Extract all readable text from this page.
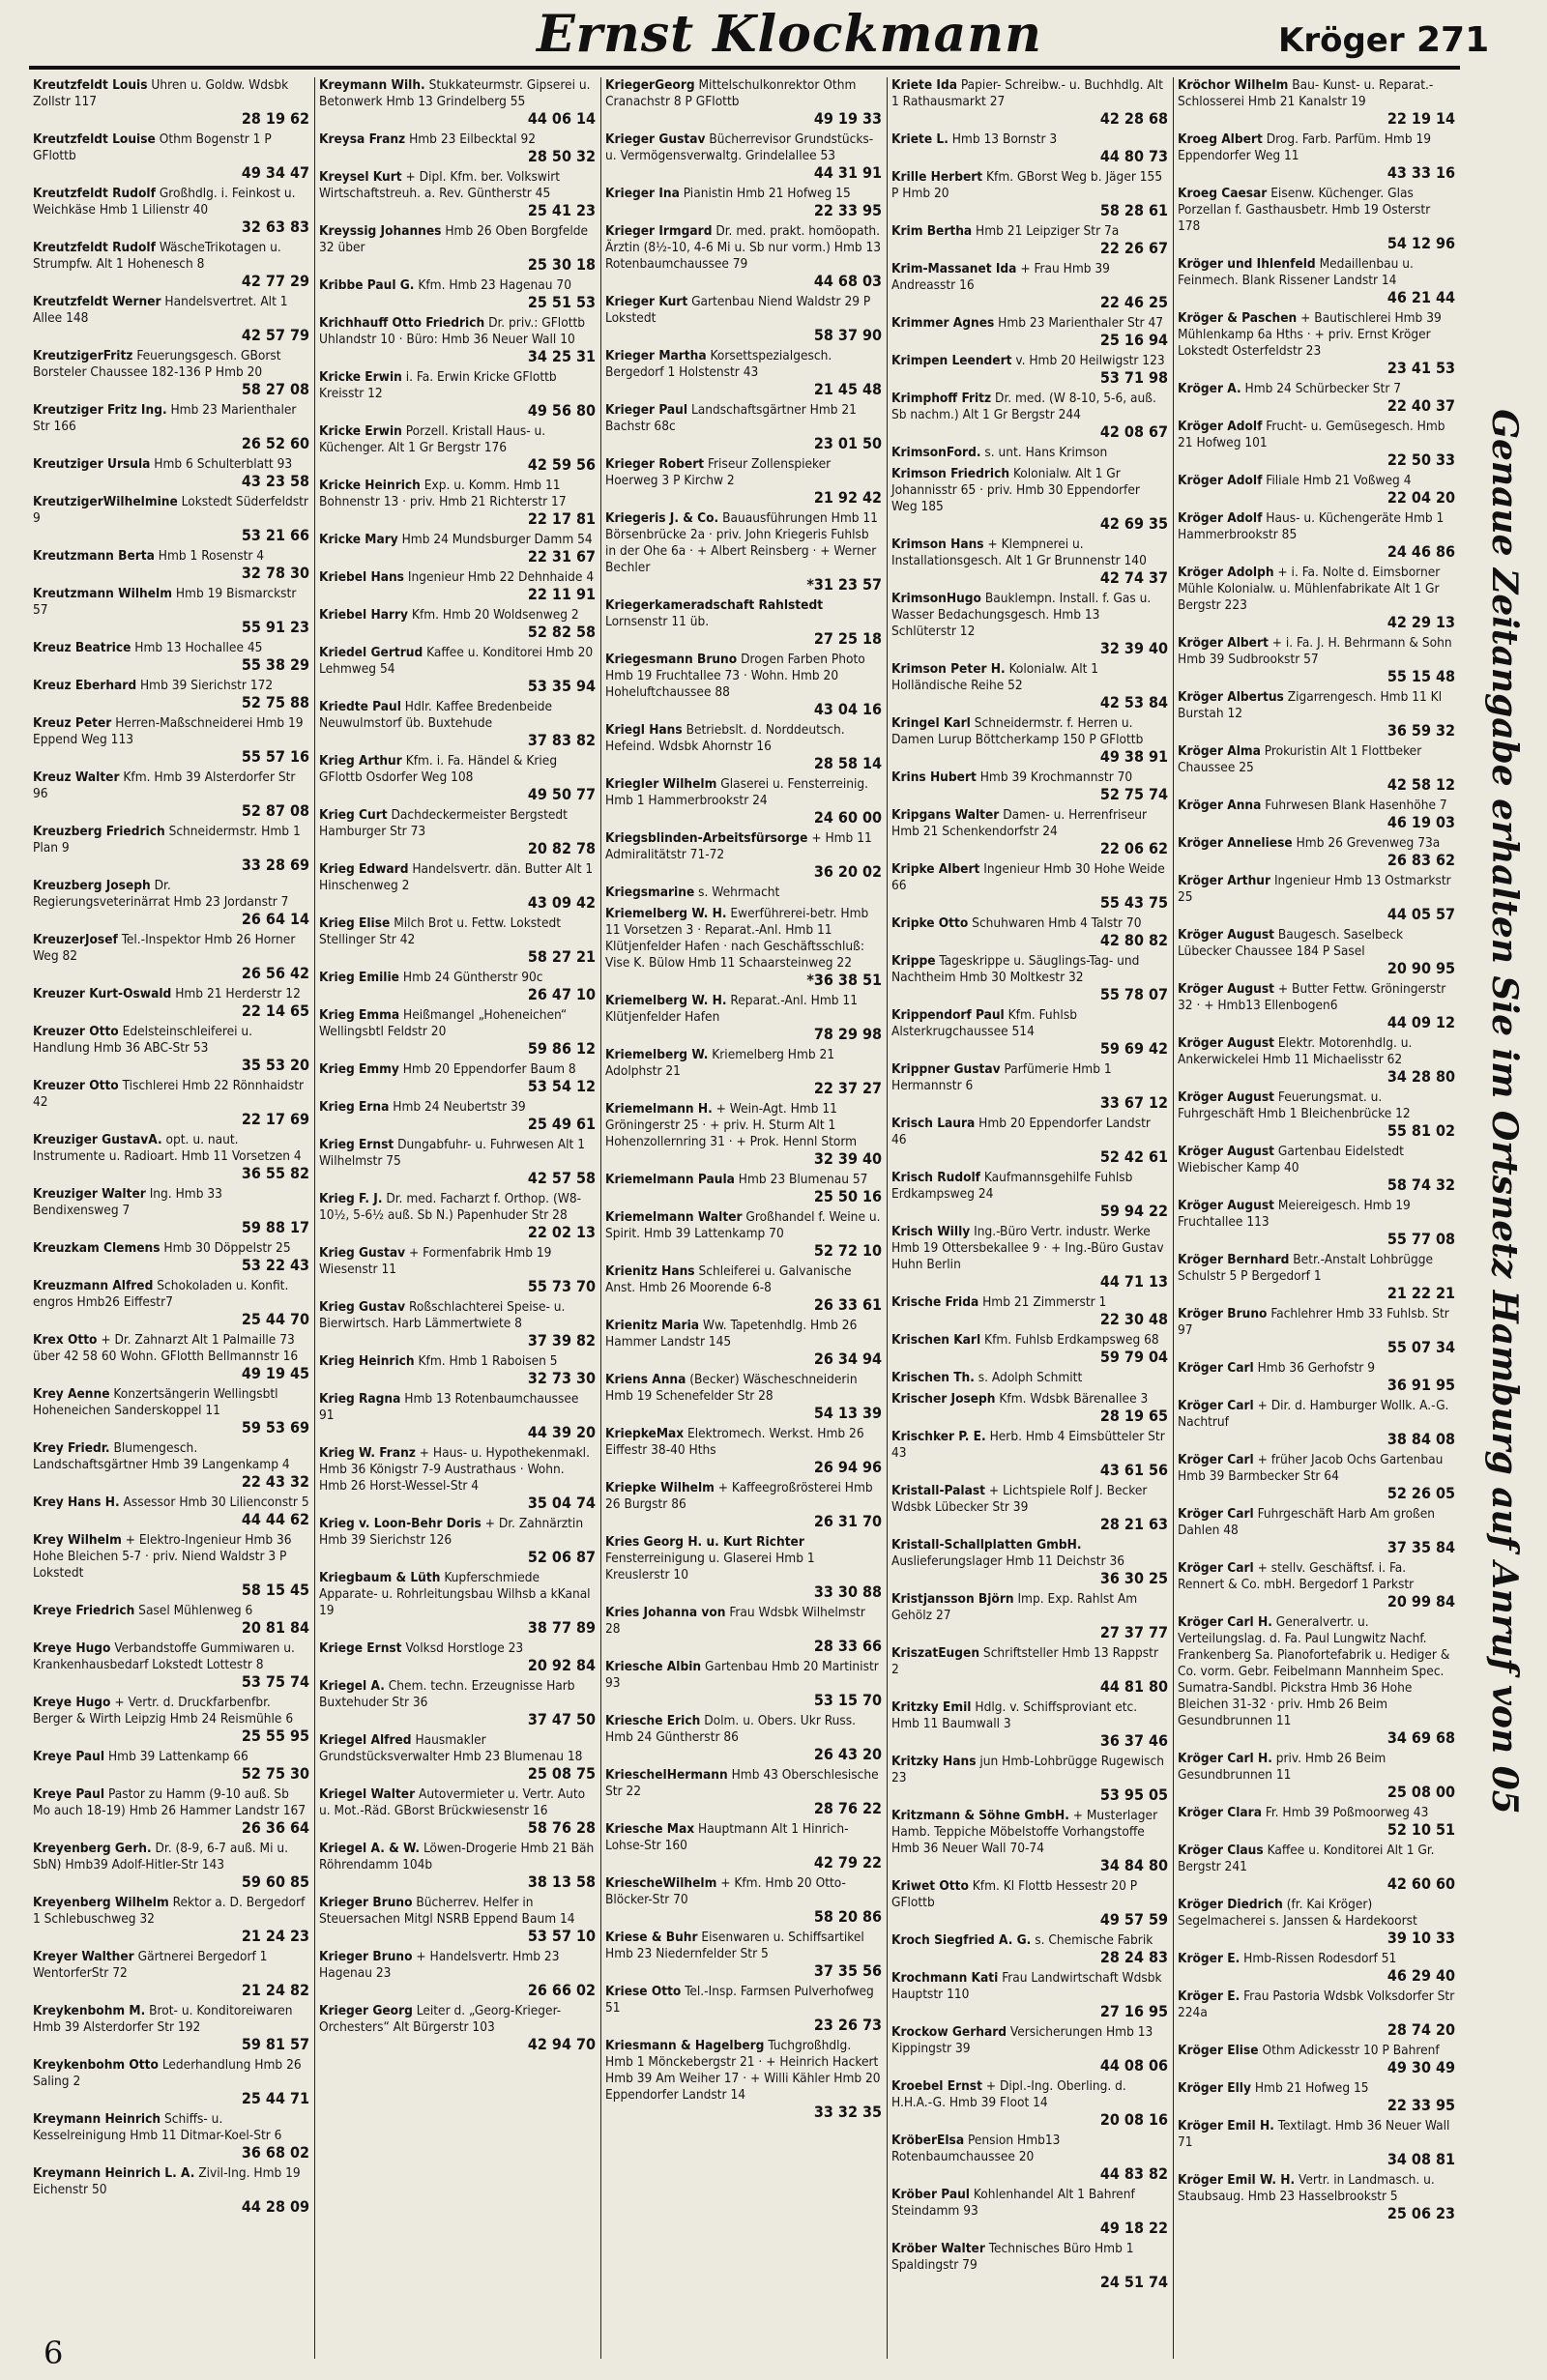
Ernst Klockmann	Kröger 271
Kreutzfeldt Louis Uhren u. Goldw. Wdsbk Zollstr 117
28 19 62
Kreutzfeldt Louise Othm Bogenstr 1 P GFlottb
49 34 47
Kreutzfeldt Rudolf Großhdlg. i. Feinkost u. Weichkäse Hmb 1 Lilienstr 40
32 63 83
Kreutzfeldt Rudolf WäscheTrikotagen u. Strumpfw. Alt 1 Hohenesch 8
42 77 29
Kreutzfeldt Werner Handelsvertret. Alt 1 Allee 148
42 57 79
KreutzigerFritz Feuerungsgesch. GBorst Borsteler Chaussee 182-136 P Hmb 20
58 27 08
Kreutziger Fritz Ing. Hmb 23 Marienthaler Str 166
26 52 60
Kreutziger Ursula Hmb 6 Schulterblatt 93
43 23 58
KreutzigerWilhelmine Lokstedt Süderfeldstr 9
53 21 66
Kreutzmann Berta Hmb 1 Rosenstr 4
32 78 30
Kreutzmann Wilhelm Hmb 19 Bismarckstr 57
55 91 23
Kreuz Beatrice Hmb 13 Hochallee 45
55 38 29
Kreuz Eberhard Hmb 39 Sierichstr 172
52 75 88
Kreuz Peter Herren-Maßschneiderei Hmb 19 Eppend Weg 113
55 57 16
Kreuz Walter Kfm. Hmb 39 Alsterdorfer Str 96
52 87 08
Kreuzberg Friedrich Schneidermstr. Hmb 1 Plan 9
33 28 69
Kreuzberg Joseph Dr. Regierungsveterinärrat Hmb 23 Jordanstr 7
26 64 14
KreuzerJosef Tel.-Inspektor Hmb 26 Horner Weg 82
26 56 42
Kreuzer Kurt-Oswald Hmb 21 Herderstr 12
22 14 65
Kreuzer Otto Edelsteinschleiferei u. Handlung Hmb 36 ABC-Str 53
35 53 20
Kreuzer Otto Tischlerei Hmb 22 Rönnhaidstr 42
22 17 69
Kreuziger GustavA. opt. u. naut. Instrumente u. Radioart. Hmb 11 Vorsetzen 4
36 55 82
Kreuziger Walter Ing. Hmb 33 Bendixensweg 7
59 88 17
Kreuzkam Clemens Hmb 30 Döppelstr 25
53 22 43
Kreuzmann Alfred Schokoladen u. Konfit. engros Hmb26 Eiffestr7
25 44 70
Krex Otto + Dr. Zahnarzt Alt 1 Palmaille 73 über 42 58 60 Wohn. GFlotth Bellmannstr 16
49 19 45
Krey Aenne Konzertsängerin Wellingsbtl Hoheneichen Sanderskoppel 11
59 53 69
Krey Friedr. Blumengesch. Landschaftsgärtner Hmb 39 Langenkamp 4
22 43 32
Krey Hans H. Assessor Hmb 30 Lilienconstr 5
44 44 62
Krey Wilhelm + Elektro-Ingenieur Hmb 36 Hohe Bleichen 5-7 · priv. Niend Waldstr 3 P Lokstedt
58 15 45
Kreye Friedrich Sasel Mühlenweg 6
20 81 84
Kreye Hugo Verbandstoffe Gummiwaren u. Krankenhausbedarf Lokstedt Lottestr 8
53 75 74
Kreye Hugo + Vertr. d. Druckfarbenfbr. Berger & Wirth Leipzig Hmb 24 Reismühle 6
25 55 95
Kreye Paul Hmb 39 Lattenkamp 66
52 75 30
Kreye Paul Pastor zu Hamm (9-10 auß. Sb Mo auch 18-19) Hmb 26 Hammer Landstr 167
26 36 64
Kreyenberg Gerh. Dr. (8-9, 6-7 auß. Mi u. SbN) Hmb39 Adolf-Hitler-Str 143
59 60 85
Kreyenberg Wilhelm Rektor a. D. Bergedorf 1 Schlebuschweg 32
21 24 23
Kreyer Walther Gärtnerei Bergedorf 1 WentorferStr 72
21 24 82
Kreykenbohm M. Brot- u. Konditoreiwaren Hmb 39 Alsterdorfer Str 192
59 81 57
Kreykenbohm Otto Lederhandlung Hmb 26 Saling 2
25 44 71
Kreymann Heinrich Schiffs- u. Kesselreinigung Hmb 11 Ditmar-Koel-Str 6
36 68 02
Kreymann Heinrich L. A. Zivil-Ing. Hmb 19 Eichenstr 50
44 28 09
Kreymann Wilh. Stukkateurmstr. Gipserei u. Betonwerk Hmb 13 Grindelberg 55
44 06 14
Kreysa Franz Hmb 23 Eilbecktal 92
28 50 32
Kreysel Kurt + Dipl. Kfm. ber. Volkswirt Wirtschaftstreuh. a. Rev. Güntherstr 45
25 41 23
Kreyssig Johannes Hmb 26 Oben Borgfelde 32 über
25 30 18
Kribbe Paul G. Kfm. Hmb 23 Hagenau 70
25 51 53
Krichhauff Otto Friedrich Dr. priv.: GFlottb Uhlandstr 10 · Büro: Hmb 36 Neuer Wall 10
34 25 31
Kricke Erwin i. Fa. Erwin Kricke GFlottb Kreisstr 12
49 56 80
Kricke Erwin Porzell. Kristall Haus- u. Küchenger. Alt 1 Gr Bergstr 176
42 59 56
Kricke Heinrich Exp. u. Komm. Hmb 11 Bohnenstr 13 · priv. Hmb 21 Richterstr 17
22 17 81
Kricke Mary Hmb 24 Mundsburger Damm 54
22 31 67
Kriebel Hans Ingenieur Hmb 22 Dehnhaide 4
22 11 91
Kriebel Harry Kfm. Hmb 20 Woldsenweg 2
52 82 58
Kriedel Gertrud Kaffee u. Konditorei Hmb 20 Lehmweg 54
53 35 94
Kriedte Paul Hdlr. Kaffee Bredenbeide Neuwulmstorf üb. Buxtehude
37 83 82
Krieg Arthur Kfm. i. Fa. Händel & Krieg GFlottb Osdorfer Weg 108
49 50 77
Krieg Curt Dachdeckermeister Bergstedt Hamburger Str 73
20 82 78
Krieg Edward Handelsvertr. dän. Butter Alt 1 Hinschenweg 2
43 09 42
Krieg Elise Milch Brot u. Fettw. Lokstedt Stellinger Str 42
58 27 21
Krieg Emilie Hmb 24 Güntherstr 90c
26 47 10
Krieg Emma Heißmangel „Hoheneichen“ Wellingsbtl Feldstr 20
59 86 12
Krieg Emmy Hmb 20 Eppendorfer Baum 8
53 54 12
Krieg Erna Hmb 24 Neubertstr 39
25 49 61
Krieg Ernst Dungabfuhr- u. Fuhrwesen Alt 1 Wilhelmstr 75
42 57 58
Krieg F. J. Dr. med. Facharzt f. Orthop. (W8-10½, 5-6½ auß. Sb N.) Papenhuder Str 28
22 02 13
Krieg Gustav + Formenfabrik Hmb 19 Wiesenstr 11
55 73 70
Krieg Gustav Roßschlachterei Speise- u. Bierwirtsch. Harb Lämmertwiete 8
37 39 82
Krieg Heinrich Kfm. Hmb 1 Raboisen 5
32 73 30
Krieg Ragna Hmb 13 Rotenbaumchaussee 91
44 39 20
Krieg W. Franz + Haus- u. Hypothekenmakl. Hmb 36 Königstr 7-9 Austrathaus · Wohn. Hmb 26 Horst-Wessel-Str 4
35 04 74
Krieg v. Loon-Behr Doris + Dr. Zahnärztin Hmb 39 Sierichstr 126
52 06 87
Kriegbaum & Lüth Kupferschmiede Apparate- u. Rohrleitungsbau Wilhsb a kKanal 19
38 77 89
Kriege Ernst Volksd Horstloge 23
20 92 84
Kriegel A. Chem. techn. Erzeugnisse Harb Buxtehuder Str 36
37 47 50
Kriegel Alfred Hausmakler Grundstücksverwalter Hmb 23 Blumenau 18
25 08 75
Kriegel Walter Autovermieter u. Vertr. Auto u. Mot.-Räd. GBorst Brückwiesenstr 16
58 76 28
Kriegel A. & W. Löwen-Drogerie Hmb 21 Bäh Röhrendamm 104b
38 13 58
Krieger Bruno Bücherrev. Helfer in Steuersachen Mitgl NSRB Eppend Baum 14
53 57 10
Krieger Bruno + Handelsvertr. Hmb 23 Hagenau 23
26 66 02
Krieger Georg Leiter d. „Georg-Krieger-Orchesters“ Alt Bürgerstr 103
42 94 70
KriegerGeorg Mittelschulkonrektor Othm Cranachstr 8 P GFlottb
49 19 33
Krieger Gustav Bücherrevisor Grundstücks- u. Vermögensverwaltg. Grindelallee 53
44 31 91
Krieger Ina Pianistin Hmb 21 Hofweg 15
22 33 95
Krieger Irmgard Dr. med. prakt. homöopath. Ärztin (8½-10, 4-6 Mi u. Sb nur vorm.) Hmb 13 Rotenbaumchaussee 79
44 68 03
Krieger Kurt Gartenbau Niend Waldstr 29 P Lokstedt
58 37 90
Krieger Martha Korsettspezialgesch. Bergedorf 1 Holstenstr 43
21 45 48
Krieger Paul Landschaftsgärtner Hmb 21 Bachstr 68c
23 01 50
Krieger Robert Friseur Zollenspieker Hoerweg 3 P Kirchw 2
21 92 42
Kriegeris J. & Co. Bauausführungen Hmb 11 Börsenbrücke 2a · priv. John Kriegeris Fuhlsb in der Ohe 6a · + Albert Reinsberg · + Werner Bechler
*31 23 57
Kriegerkameradschaft Rahlstedt Lornsenstr 11 üb.
27 25 18
Kriegesmann Bruno Drogen Farben Photo Hmb 19 Fruchtallee 73 · Wohn. Hmb 20 Hoheluftchaussee 88
43 04 16
Kriegl Hans Betriebslt. d. Norddeutsch. Hefeind. Wdsbk Ahornstr 16
28 58 14
Kriegler Wilhelm Glaserei u. Fensterreinig. Hmb 1 Hammerbrookstr 24
24 60 00
Kriegsblinden-Arbeitsfürsorge + Hmb 11 Admiralitätstr 71-72
36 20 02
Kriegsmarine s. Wehrmacht
Kriemelberg W. H. Ewerführerei-betr. Hmb 11 Vorsetzen 3 · Reparat.-Anl. Hmb 11 Klütjenfelder Hafen · nach Geschäftsschluß: Vise K. Bülow Hmb 11 Schaarsteinweg 22
*36 38 51
Kriemelberg W. H. Reparat.-Anl. Hmb 11 Klütjenfelder Hafen
78 29 98
Kriemelberg W. Kriemelberg Hmb 21 Adolphstr 21
22 37 27
Kriemelmann H. + Wein-Agt. Hmb 11 Gröningerstr 25 · + priv. H. Sturm Alt 1 Hohenzollernring 31 · + Prok. Hennl Storm
32 39 40
Kriemelmann Paula Hmb 23 Blumenau 57
25 50 16
Kriemelmann Walter Großhandel f. Weine u. Spirit. Hmb 39 Lattenkamp 70
52 72 10
Krienitz Hans Schleiferei u. Galvanische Anst. Hmb 26 Moorende 6-8
26 33 61
Krienitz Maria Ww. Tapetenhdlg. Hmb 26 Hammer Landstr 145
26 34 94
Kriens Anna (Becker) Wäscheschneiderin Hmb 19 Schenefelder Str 28
54 13 39
KriepkeMax Elektromech. Werkst. Hmb 26 Eiffestr 38-40 Hths
26 94 96
Kriepke Wilhelm + Kaffeegroßrösterei Hmb 26 Burgstr 86
26 31 70
Kries Georg H. u. Kurt Richter Fensterreinigung u. Glaserei Hmb 1 Kreuslerstr 10
33 30 88
Kries Johanna von Frau Wdsbk Wilhelmstr 28
28 33 66
Kriesche Albin Gartenbau Hmb 20 Martinistr 93
53 15 70
Kriesche Erich Dolm. u. Obers. Ukr Russ. Hmb 24 Güntherstr 86
26 43 20
KrieschelHermann Hmb 43 Oberschlesische Str 22
28 76 22
Kriesche Max Hauptmann Alt 1 Hinrich-Lohse-Str 160
42 79 22
KriescheWilhelm + Kfm. Hmb 20 Otto-Blöcker-Str 70
58 20 86
Kriese & Buhr Eisenwaren u. Schiffsartikel Hmb 23 Niedernfelder Str 5
37 35 56
Kriese Otto Tel.-Insp. Farmsen Pulverhofweg 51
23 26 73
Kriesmann & Hagelberg Tuchgroßhdlg. Hmb 1 Mönckebergstr 21 · + Heinrich Hackert Hmb 39 Am Weiher 17 · + Willi Kähler Hmb 20 Eppendorfer Landstr 14
33 32 35
Kriete Ida Papier- Schreibw.- u. Buchhdlg. Alt 1 Rathausmarkt 27
42 28 68
Kriete L. Hmb 13 Bornstr 3
44 80 73
Krille Herbert Kfm. GBorst Weg b. Jäger 155 P Hmb 20
58 28 61
Krim Bertha Hmb 21 Leipziger Str 7a
22 26 67
Krim-Massanet Ida + Frau Hmb 39 Andreasstr 16
22 46 25
Krimmer Agnes Hmb 23 Marienthaler Str 47
25 16 94
Krimpen Leendert v. Hmb 20 Heilwigstr 123
53 71 98
Krimphoff Fritz Dr. med. (W 8-10, 5-6, auß. Sb nachm.) Alt 1 Gr Bergstr 244
42 08 67
KrimsonFord. s. unt. Hans Krimson
Krimson Friedrich Kolonialw. Alt 1 Gr Johannisstr 65 · priv. Hmb 30 Eppendorfer Weg 185
42 69 35
Krimson Hans + Klempnerei u. Installationsgesch. Alt 1 Gr Brunnenstr 140
42 74 37
KrimsonHugo Bauklempn. Install. f. Gas u. Wasser Bedachungsgesch. Hmb 13 Schlüterstr 12
32 39 40
Krimson Peter H. Kolonialw. Alt 1 Holländische Reihe 52
42 53 84
Kringel Karl Schneidermstr. f. Herren u. Damen Lurup Böttcherkamp 150 P GFlottb
49 38 91
Krins Hubert Hmb 39 Krochmannstr 70
52 75 74
Kripgans Walter Damen- u. Herrenfriseur Hmb 21 Schenkendorfstr 24
22 06 62
Kripke Albert Ingenieur Hmb 30 Hohe Weide 66
55 43 75
Kripke Otto Schuhwaren Hmb 4 Talstr 70
42 80 82
Krippe Tageskrippe u. Säuglings-Tag- und Nachtheim Hmb 30 Moltkestr 32
55 78 07
Krippendorf Paul Kfm. Fuhlsb Alsterkrugchaussee 514
59 69 42
Krippner Gustav Parfümerie Hmb 1 Hermannstr 6
33 67 12
Krisch Laura Hmb 20 Eppendorfer Landstr 46
52 42 61
Krisch Rudolf Kaufmannsgehilfe Fuhlsb Erdkampsweg 24
59 94 22
Krisch Willy Ing.-Büro Vertr. industr. Werke Hmb 19 Ottersbekallee 9 · + Ing.-Büro Gustav Huhn Berlin
44 71 13
Krische Frida Hmb 21 Zimmerstr 1
22 30 48
Krischen Karl Kfm. Fuhlsb Erdkampsweg 68
59 79 04
Krischen Th. s. Adolph Schmitt
Krischer Joseph Kfm. Wdsbk Bärenallee 3
28 19 65
Krischker P. E. Herb. Hmb 4 Eimsbütteler Str 43
43 61 56
Kristall-Palast + Lichtspiele Rolf J. Becker Wdsbk Lübecker Str 39
28 21 63
Kristall-Schallplatten GmbH. Auslieferungslager Hmb 11 Deichstr 36
36 30 25
Kristjansson Björn Imp. Exp. Rahlst Am Gehölz 27
27 37 77
KriszatEugen Schriftsteller Hmb 13 Rappstr 2
44 81 80
Kritzky Emil Hdlg. v. Schiffsproviant etc. Hmb 11 Baumwall 3
36 37 46
Kritzky Hans jun Hmb-Lohbrügge Rugewisch 23
53 95 05
Kritzmann & Söhne GmbH. + Musterlager Hamb. Teppiche Möbelstoffe Vorhangstoffe Hmb 36 Neuer Wall 70-74
34 84 80
Kriwet Otto Kfm. Kl Flottb Hessestr 20 P GFlottb
49 57 59
Kroch Siegfried A. G. s. Chemische Fabrik
28 24 83
Krochmann Kati Frau Landwirtschaft Wdsbk Hauptstr 110
27 16 95
Krockow Gerhard Versicherungen Hmb 13 Kippingstr 39
44 08 06
Kroebel Ernst + Dipl.-Ing. Oberling. d. H.H.A.-G. Hmb 39 Floot 14
20 08 16
KröberElsa Pension Hmb13 Rotenbaumchaussee 20
44 83 82
Kröber Paul Kohlenhandel Alt 1 Bahrenf Steindamm 93
49 18 22
Kröber Walter Technisches Büro Hmb 1 Spaldingstr 79
24 51 74
Kröchor Wilhelm Bau- Kunst- u. Reparat.-Schlosserei Hmb 21 Kanalstr 19
22 19 14
Kroeg Albert Drog. Farb. Parfüm. Hmb 19 Eppendorfer Weg 11
43 33 16
Kroeg Caesar Eisenw. Küchenger. Glas Porzellan f. Gasthausbetr. Hmb 19 Osterstr 178
54 12 96
Kröger und Ihlenfeld Medaillenbau u. Feinmech. Blank Rissener Landstr 14
46 21 44
Kröger & Paschen + Bautischlerei Hmb 39 Mühlenkamp 6a Hths · + priv. Ernst Kröger Lokstedt Osterfeldstr 23
23 41 53
Kröger A. Hmb 24 Schürbecker Str 7
22 40 37
Kröger Adolf Frucht- u. Gemüsegesch. Hmb 21 Hofweg 101
22 50 33
Kröger Adolf Filiale Hmb 21 Voßweg 4
22 04 20
Kröger Adolf Haus- u. Küchengeräte Hmb 1 Hammerbrookstr 85
24 46 86
Kröger Adolph + i. Fa. Nolte d. Eimsborner Mühle Kolonialw. u. Mühlenfabrikate Alt 1 Gr Bergstr 223
42 29 13
Kröger Albert + i. Fa. J. H. Behrmann & Sohn Hmb 39 Sudbrookstr 57
55 15 48
Kröger Albertus Zigarrengesch. Hmb 11 Kl Burstah 12
36 59 32
Kröger Alma Prokuristin Alt 1 Flottbeker Chaussee 25
42 58 12
Kröger Anna Fuhrwesen Blank Hasenhöhe 7
46 19 03
Kröger Anneliese Hmb 26 Grevenweg 73a
26 83 62
Kröger Arthur Ingenieur Hmb 13 Ostmarkstr 25
44 05 57
Kröger August Baugesch. Saselbeck Lübecker Chaussee 184 P Sasel
20 90 95
Kröger August + Butter Fettw. Gröningerstr 32 · + Hmb13 Ellenbogen6
44 09 12
Kröger August Elektr. Motorenhdlg. u. Ankerwickelei Hmb 11 Michaelisstr 62
34 28 80
Kröger August Feuerungsmat. u. Fuhrgeschäft Hmb 1 Bleichenbrücke 12
55 81 02
Kröger August Gartenbau Eidelstedt Wiebischer Kamp 40
58 74 32
Kröger August Meiereigesch. Hmb 19 Fruchtallee 113
55 77 08
Kröger Bernhard Betr.-Anstalt Lohbrügge Schulstr 5 P Bergedorf 1
21 22 21
Kröger Bruno Fachlehrer Hmb 33 Fuhlsb. Str 97
55 07 34
Kröger Carl Hmb 36 Gerhofstr 9
36 91 95
Kröger Carl + Dir. d. Hamburger Wollk. A.-G. Nachtruf
38 84 08
Kröger Carl + früher Jacob Ochs Gartenbau Hmb 39 Barmbecker Str 64
52 26 05
Kröger Carl Fuhrgeschäft Harb Am großen Dahlen 48
37 35 84
Kröger Carl + stellv. Geschäftsf. i. Fa. Rennert & Co. mbH. Bergedorf 1 Parkstr
20 99 84
Kröger Carl H. Generalvertr. u. Verteilungslag. d. Fa. Paul Lungwitz Nachf. Frankenberg Sa. Pianofortefabrik u. Hediger & Co. vorm. Gebr. Feibelmann Mannheim Spec. Sumatra-Sandbl. Pickstra Hmb 36 Hohe Bleichen 31-32 · priv. Hmb 26 Beim Gesundbrunnen 11
34 69 68
Kröger Carl H. priv. Hmb 26 Beim Gesundbrunnen 11
25 08 00
Kröger Clara Fr. Hmb 39 Poßmoorweg 43
52 10 51
Kröger Claus Kaffee u. Konditorei Alt 1 Gr. Bergstr 241
42 60 60
Kröger Diedrich (fr. Kai Kröger) Segelmacherei s. Janssen & Hardekoorst
39 10 33
Kröger E. Hmb-Rissen Rodesdorf 51
46 29 40
Kröger E. Frau Pastoria Wdsbk Volksdorfer Str 224a
28 74 20
Kröger Elise Othm Adickesstr 10 P Bahrenf
49 30 49
Kröger Elly Hmb 21 Hofweg 15
22 33 95
Kröger Emil H. Textilagt. Hmb 36 Neuer Wall 71
34 08 81
Kröger Emil W. H. Vertr. in Landmasch. u. Staubsaug. Hmb 23 Hasselbrookstr 5
25 06 23
Genaue Zeitangabe erhalten Sie im Ortsnetz Hamburg auf Anruf von 05
6
